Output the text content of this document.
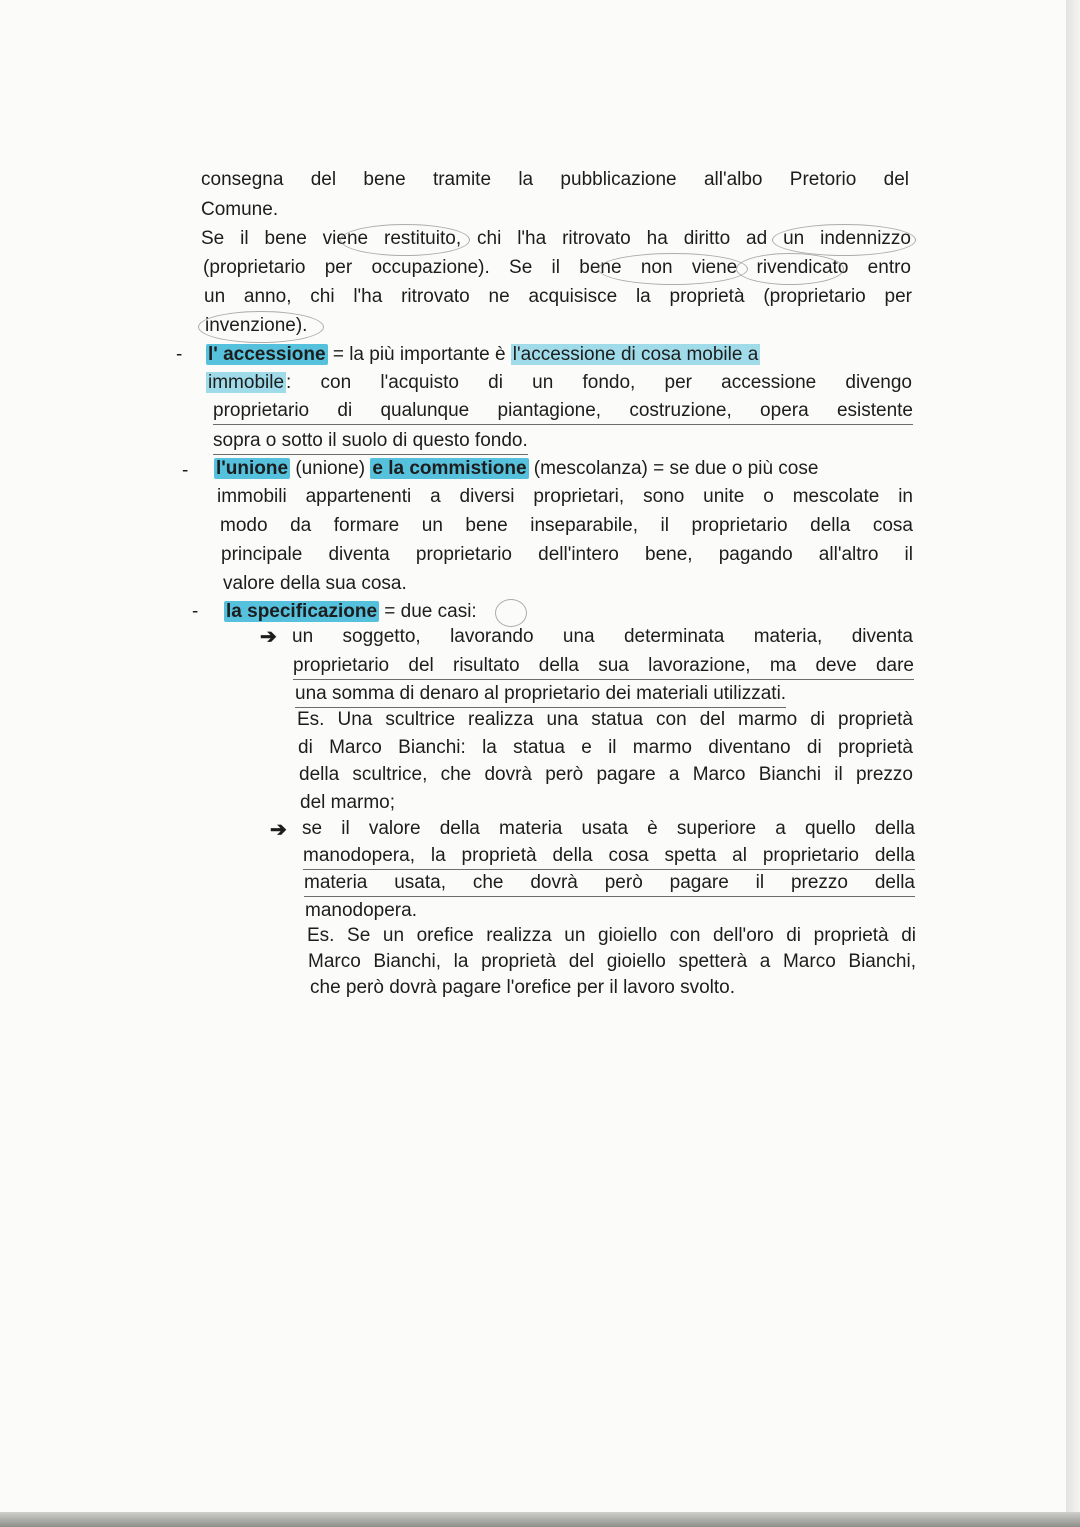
consegna del bene tramite la pubblicazione all'albo Pretorio del
Comune.
Se il bene viene restituito, chi l'ha ritrovato ha diritto ad un indennizzo
(proprietario per occupazione). Se il bene non viene rivendicato entro
un anno, chi l'ha ritrovato ne acquisisce la proprietà (proprietario per
invenzione).
- l' accessione = la più importante è l'accessione di cosa mobile a
immobile : con l'acquisto di un fondo, per accessione divengo
proprietario di qualunque piantagione, costruzione, opera esistente
sopra o sotto il suolo di questo fondo.
- l'unione (unione) e la commistione (mescolanza) = se due o più cose
immobili appartenenti a diversi proprietari, sono unite o mescolate in
modo da formare un bene inseparabile, il proprietario della cosa
principale diventa proprietario dell'intero bene, pagando all'altro il
valore della sua cosa.
- la specificazione = due casi:
➔ un soggetto, lavorando una determinata materia, diventa
proprietario del risultato della sua lavorazione, ma deve dare
una somma di denaro al proprietario dei materiali utilizzati.
Es. Una scultrice realizza una statua con del marmo di proprietà
di Marco Bianchi: la statua e il marmo diventano di proprietà
della scultrice, che dovrà però pagare a Marco Bianchi il prezzo
del marmo;
➔ se il valore della materia usata è superiore a quello della
manodopera, la proprietà della cosa spetta al proprietario della
materia usata, che dovrà però pagare il prezzo della
manodopera.
Es. Se un orefice realizza un gioiello con dell'oro di proprietà di
Marco Bianchi, la proprietà del gioiello spetterà a Marco Bianchi,
che però dovrà pagare l'orefice per il lavoro svolto.
